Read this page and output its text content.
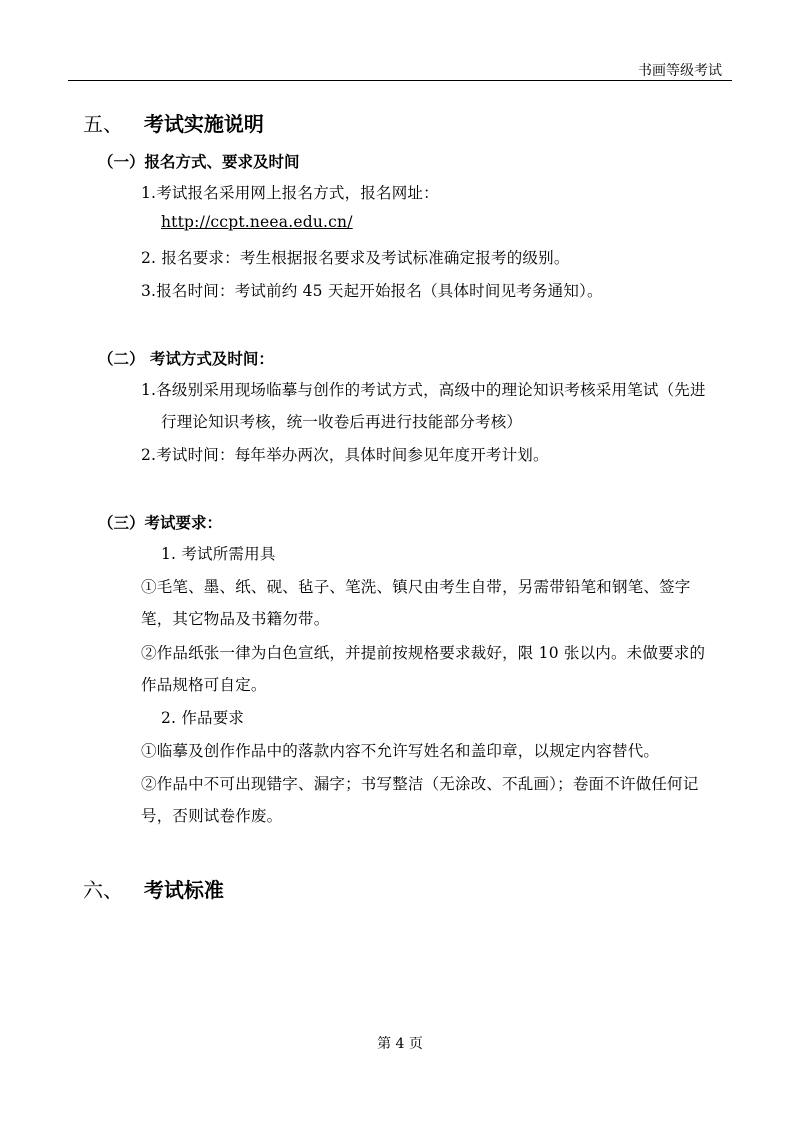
书画等级考试
五、 考试实施说明
（一）报名方式、要求及时间
1.考试报名采用网上报名方式，报名网址：
http://ccpt.neea.edu.cn/
2. 报名要求：考生根据报名要求及考试标准确定报考的级别。
3.报名时间：考试前约 45 天起开始报名（具体时间见考务通知）。
（二） 考试方式及时间：
1.各级别采用现场临摹与创作的考试方式，高级中的理论知识考核采用笔试（先进
行理论知识考核，统一收卷后再进行技能部分考核）
2.考试时间：每年举办两次，具体时间参见年度开考计划。
（三）考试要求：
1. 考试所需用具
①毛笔、墨、纸、砚、毡子、笔洗、镇尺由考生自带，另需带铅笔和钢笔、签字
笔，其它物品及书籍勿带。
②作品纸张一律为白色宣纸，并提前按规格要求裁好，限 10 张以内。未做要求的
作品规格可自定。
2. 作品要求
①临摹及创作作品中的落款内容不允许写姓名和盖印章，以规定内容替代。
②作品中不可出现错字、漏字；书写整洁（无涂改、不乱画）；卷面不许做任何记
号，否则试卷作废。
六、 考试标准
第 4 页
